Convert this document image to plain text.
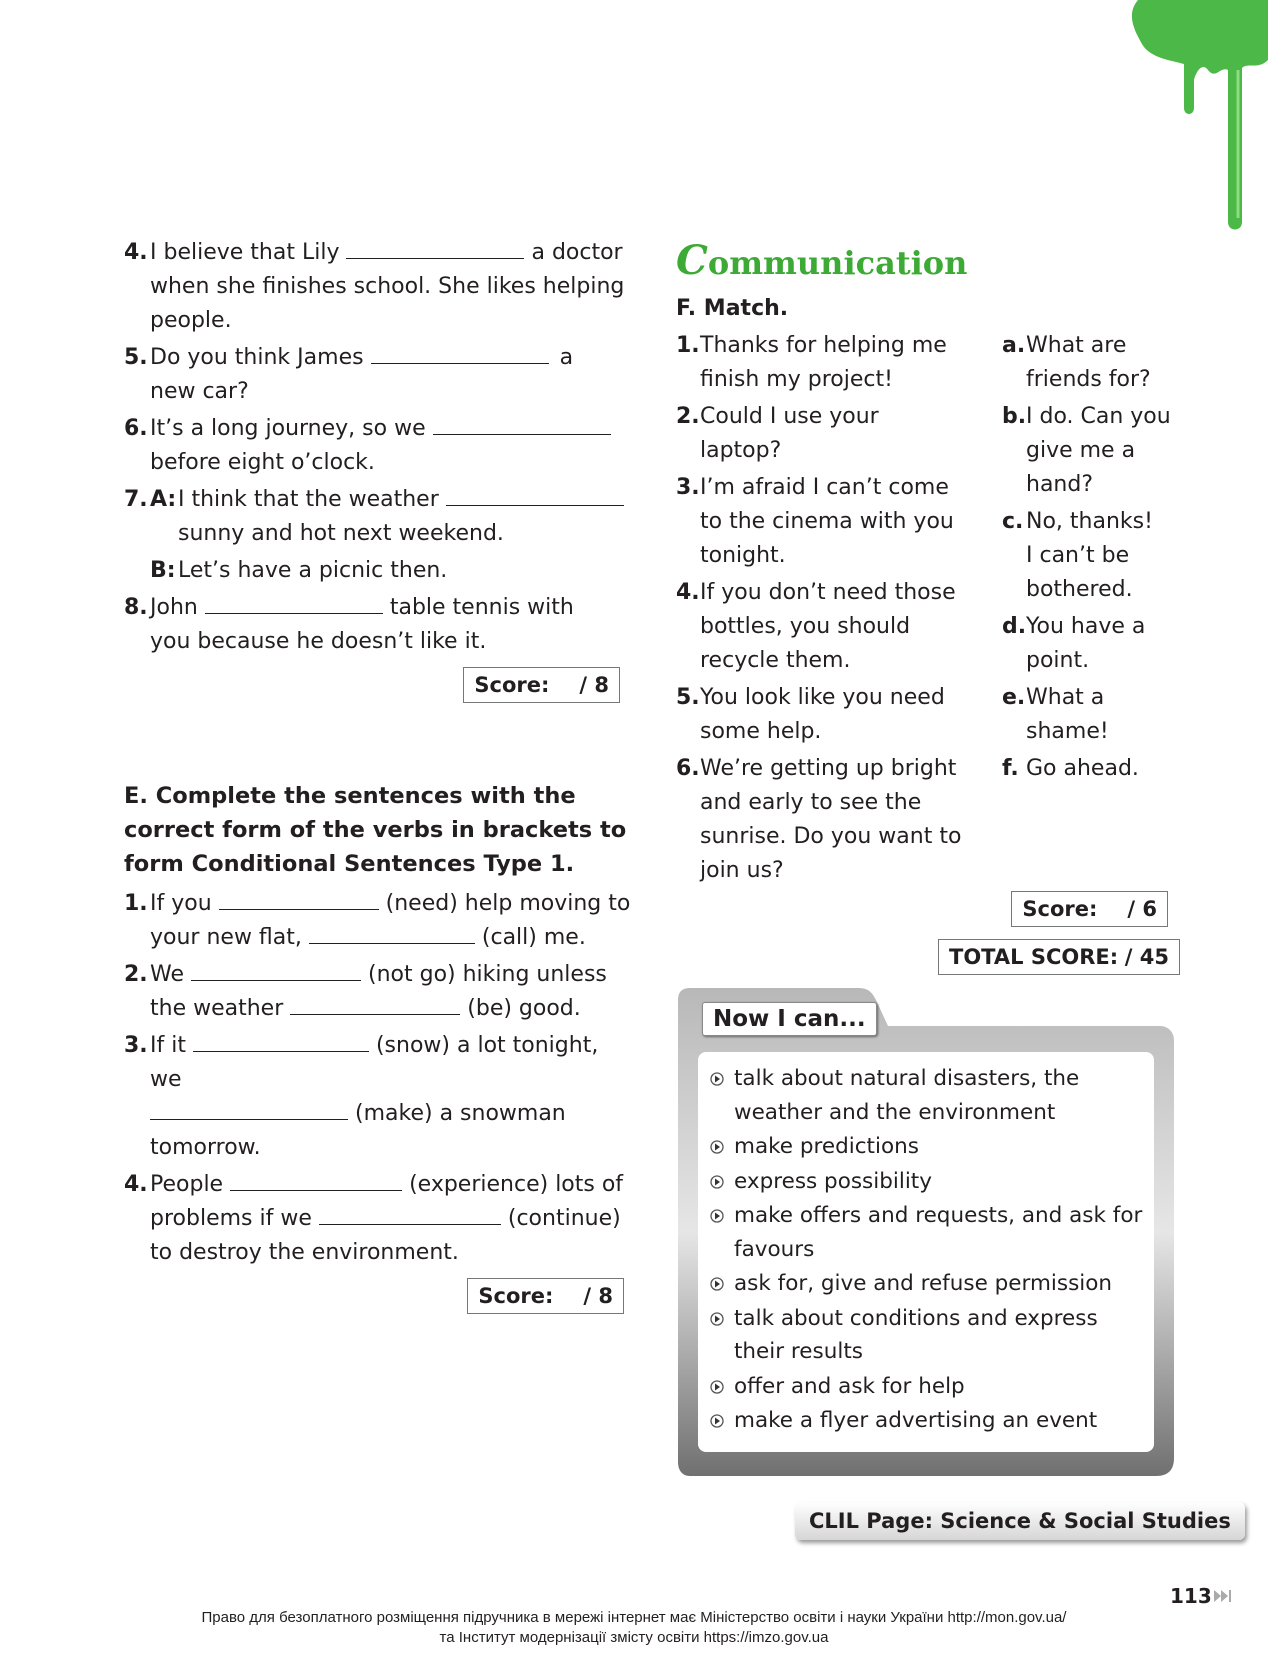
4. I believe that Lily	a doctor
when she finishes school. She likes helping
people.
5. Do you think James	a
new car?
6. It’s a long journey, so we
before eight o’clock.
7. A: I think that the weather
sunny and hot next weekend.
B: Let’s have a picnic then.
8. John	table tennis with
you because he doesn’t like it.
Score: / 8
E. Complete the sentences with the correct form of the verbs in brackets to form Conditional Sentences Type 1.
1. If you	(need) help moving to
your new flat,	(call) me.
2. We	(not go) hiking unless
the weather	(be) good.
3. If it	(snow) a lot tonight, we
(make) a snowman
tomorrow.
4. People	(experience) lots of
problems if we	(continue)
to destroy the environment.
Score: / 8
Communication
F. Match.
1. Thanks for helping me
finish my project!
2. Could I use your
laptop?
3. I’m afraid I can’t come
to the cinema with you
tonight.
4. If you don’t need those
bottles, you should
recycle them.
5. You look like you need
some help.
6. We’re getting up bright
and early to see the
sunrise. Do you want to
join us?
a. What are
friends for?
b. I do. Can you
give me a
hand?
c. No, thanks!
I can’t be
bothered.
d. You have a
point.
e. What a
shame!
f. Go ahead.
Score: / 6
TOTAL SCORE: / 45
Now I can...
talk about natural disasters, the weather and the environment
make predictions
express possibility
make offers and requests, and ask for favours
ask for, give and refuse permission
talk about conditions and express their results
offer and ask for help
make a flyer advertising an event
CLIL Page: Science & Social Studies
113
Право для безоплатного розміщення підручника в мережі інтернет має Міністерство освіти і науки України http://mon.gov.ua/
та Інститут модернізації змісту освіти https://imzo.gov.ua
